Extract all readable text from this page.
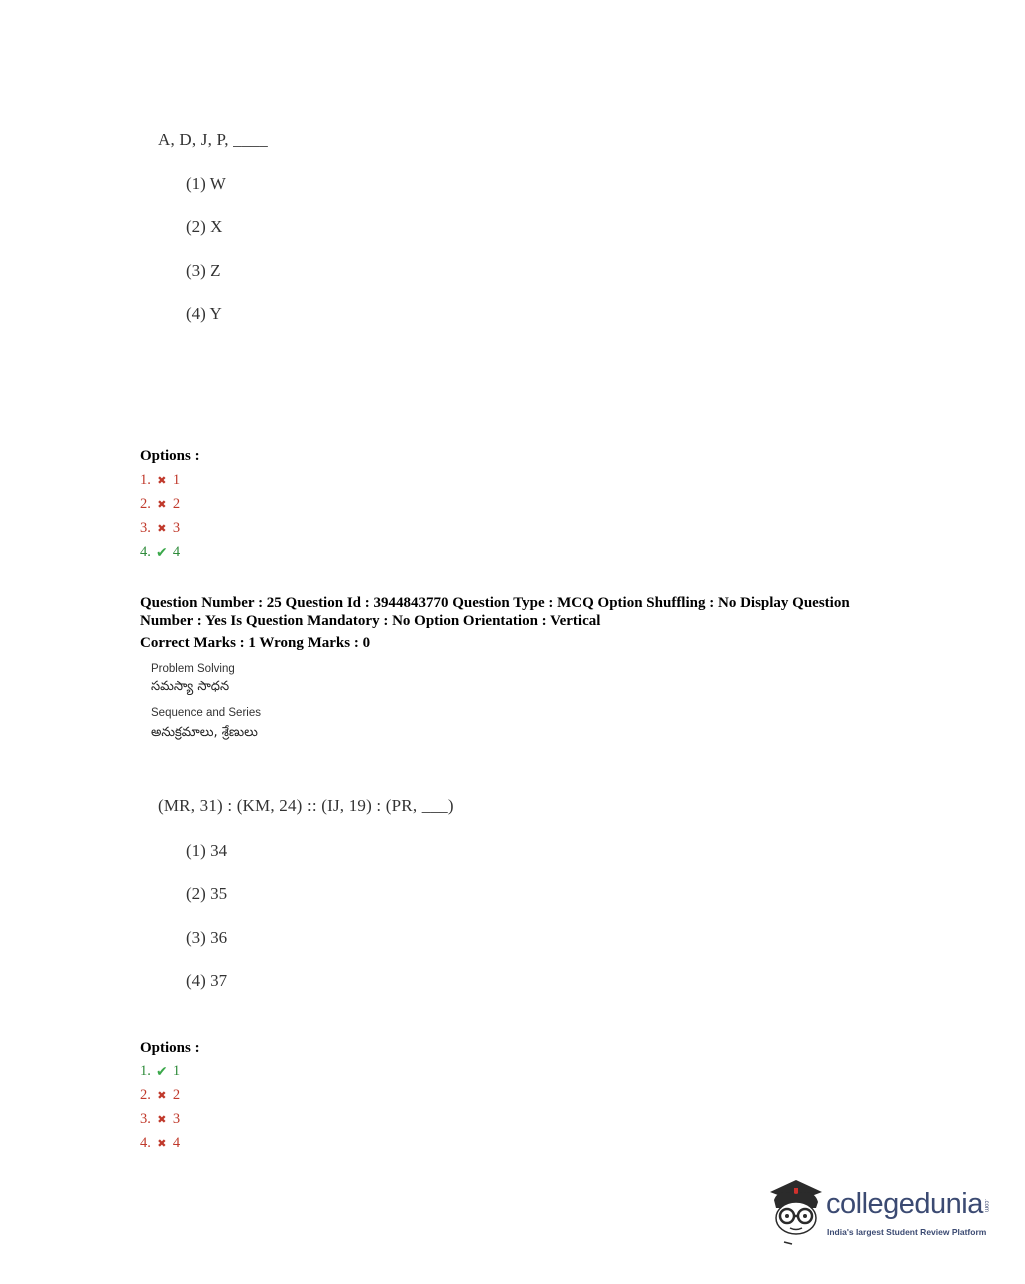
A, D, J, P, ____
(1) W
(2) X
(3) Z
(4) Y
Options :
1. ✖ 1
2. ✖ 2
3. ✖ 3
4. ✔ 4
Question Number : 25 Question Id : 3944843770 Question Type : MCQ Option Shuffling : No Display Question
Number : Yes Is Question Mandatory : No Option Orientation : Vertical
Correct Marks : 1 Wrong Marks : 0
Problem Solving
సమస్యా సాధన
Sequence and Series
అనుక్రమాలు, శ్రేణులు
(MR, 31) : (KM, 24) :: (IJ, 19) : (PR, ___)
(1) 34
(2) 35
(3) 36
(4) 37
Options :
1. ✔ 1
2. ✖ 2
3. ✖ 3
4. ✖ 4
collegedunia .com
India's largest Student Review Platform
